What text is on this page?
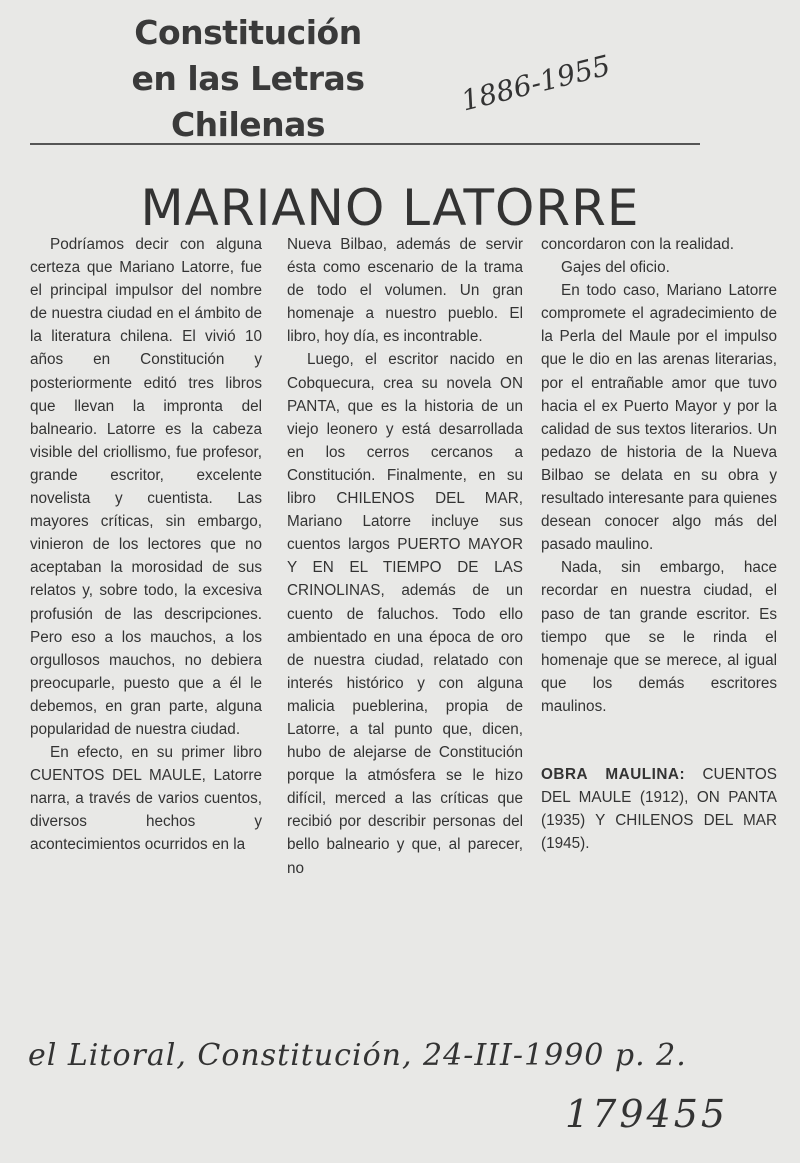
Constitución
en las Letras
Chilenas
1886-1955
MARIANO LATORRE

Podríamos decir con alguna certeza que Mariano Latorre, fue el principal impulsor del nombre de nuestra ciudad en el ámbito de la literatura chilena. El vivió 10 años en Constitución y posteriormente editó tres libros que llevan la impronta del balneario. Latorre es la cabeza visible del criollismo, fue profesor, grande escritor, excelente novelista y cuentista. Las mayores críticas, sin embargo, vinieron de los lectores que no aceptaban la morosidad de sus relatos y, sobre todo, la excesiva profusión de las descripciones. Pero eso a los mauchos, a los orgullosos mauchos, no debiera preocuparle, puesto que a él le debemos, en gran parte, alguna popularidad de nuestra ciudad.

En efecto, en su primer libro CUENTOS DEL MAULE, Latorre narra, a través de varios cuentos, diversos hechos y acontecimientos ocurridos en la

Nueva Bilbao, además de servir ésta como escenario de la trama de todo el volumen. Un gran homenaje a nuestro pueblo. El libro, hoy día, es incontrable.

Luego, el escritor nacido en Cobquecura, crea su novela ON PANTA, que es la historia de un viejo leonero y está desarrollada en los cerros cercanos a Constitución. Finalmente, en su libro CHILENOS DEL MAR, Mariano Latorre incluye sus cuentos largos PUERTO MAYOR Y EN EL TIEMPO DE LAS CRINOLINAS, además de un cuento de faluchos. Todo ello ambientado en una época de oro de nuestra ciudad, relatado con interés histórico y con alguna malicia pueblerina, propia de Latorre, a tal punto que, dicen, hubo de alejarse de Constitución porque la atmósfera se le hizo difícil, merced a las críticas que recibió por describir personas del bello balneario y que, al parecer, no

concordaron con la realidad.

Gajes del oficio.

En todo caso, Mariano Latorre compromete el agradecimiento de la Perla del Maule por el impulso que le dio en las arenas literarias, por el entrañable amor que tuvo hacia el ex Puerto Mayor y por la calidad de sus textos literarios. Un pedazo de historia de la Nueva Bilbao se delata en su obra y resultado interesante para quienes desean conocer algo más del pasado maulino.

Nada, sin embargo, hace recordar en nuestra ciudad, el paso de tan grande escritor. Es tiempo que se le rinda el homenaje que se merece, al igual que los demás escritores maulinos.

OBRA MAULINA: CUENTOS DEL MAULE (1912), ON PANTA (1935) Y CHILENOS DEL MAR (1945).

el Litoral, Constitución, 24-III-1990 p. 2.
179455
